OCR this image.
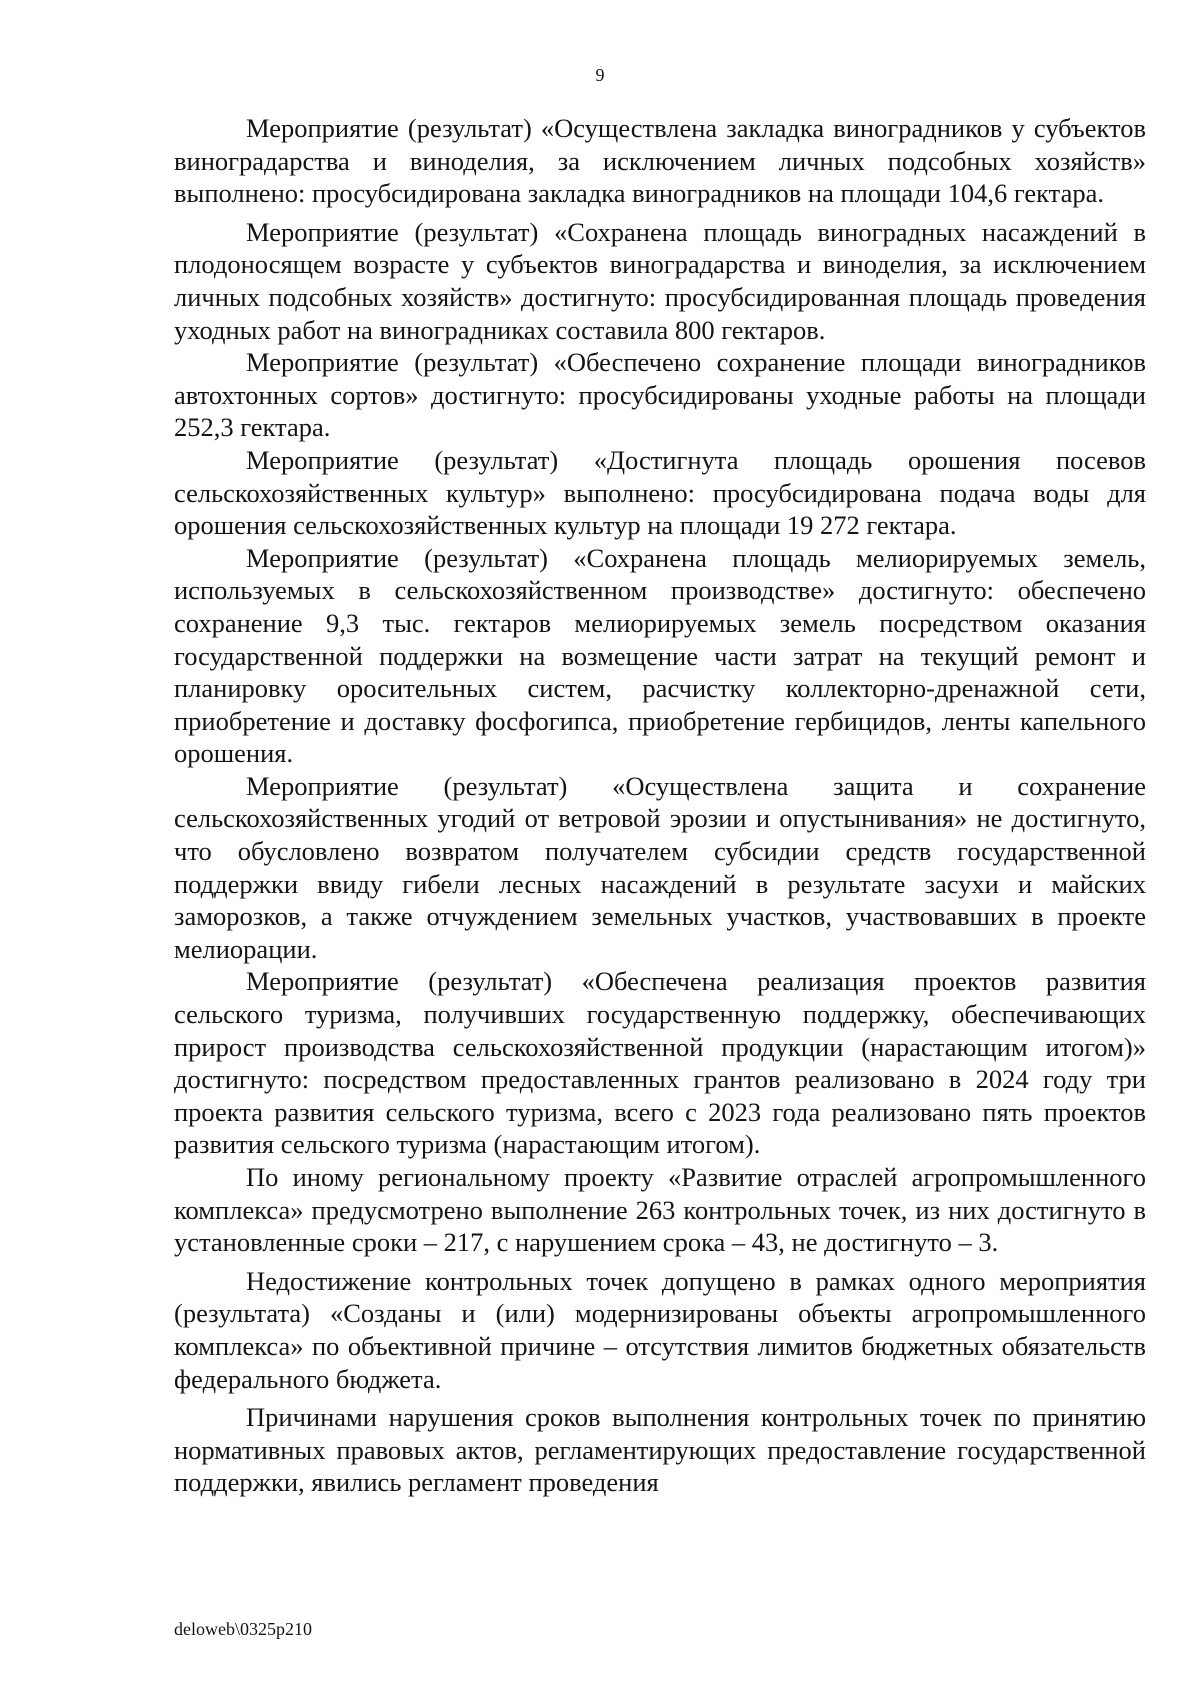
9

Мероприятие (результат) «Осуществлена закладка виноградников у субъектов виноградарства и виноделия, за исключением личных подсобных хозяйств» выполнено: просубсидирована закладка виноградников на площади 104,6 гектара.

Мероприятие (результат) «Сохранена площадь виноградных насаждений в плодоносящем возрасте у субъектов виноградарства и виноделия, за исключением личных подсобных хозяйств» достигнуто: просубсидированная площадь проведения уходных работ на виноградниках составила 800 гектаров.

Мероприятие (результат) «Обеспечено сохранение площади виноградников автохтонных сортов» достигнуто: просубсидированы уходные работы на площади 252,3 гектара.

Мероприятие (результат) «Достигнута площадь орошения посевов сельскохозяйственных культур» выполнено: просубсидирована подача воды для орошения сельскохозяйственных культур на площади 19 272 гектара.

Мероприятие (результат) «Сохранена площадь мелиорируемых земель, используемых в сельскохозяйственном производстве» достигнуто: обеспечено сохранение 9,3 тыс. гектаров мелиорируемых земель посредством оказания государственной поддержки на возмещение части затрат на текущий ремонт и планировку оросительных систем, расчистку коллекторно-дренажной сети, приобретение и доставку фосфогипса, приобретение гербицидов, ленты капельного орошения.

Мероприятие (результат) «Осуществлена защита и сохранение сельскохозяйственных угодий от ветровой эрозии и опустынивания» не достигнуто, что обусловлено возвратом получателем субсидии средств государственной поддержки ввиду гибели лесных насаждений в результате засухи и майских заморозков, а также отчуждением земельных участков, участвовавших в проекте мелиорации.

Мероприятие (результат) «Обеспечена реализация проектов развития сельского туризма, получивших государственную поддержку, обеспечивающих прирост производства сельскохозяйственной продукции (нарастающим итогом)» достигнуто: посредством предоставленных грантов реализовано в 2024 году три проекта развития сельского туризма, всего с 2023 года реализовано пять проектов развития сельского туризма (нарастающим итогом).

По иному региональному проекту «Развитие отраслей агропромышленного комплекса» предусмотрено выполнение 263 контрольных точек, из них достигнуто в установленные сроки – 217, с нарушением срока – 43, не достигнуто – 3.

Недостижение контрольных точек допущено в рамках одного мероприятия (результата) «Созданы и (или) модернизированы объекты агропромышленного комплекса» по объективной причине – отсутствия лимитов бюджетных обязательств федерального бюджета.

Причинами нарушения сроков выполнения контрольных точек по принятию нормативных правовых актов, регламентирующих предоставление государственной поддержки, явились регламент проведения

deloweb\0325p210
